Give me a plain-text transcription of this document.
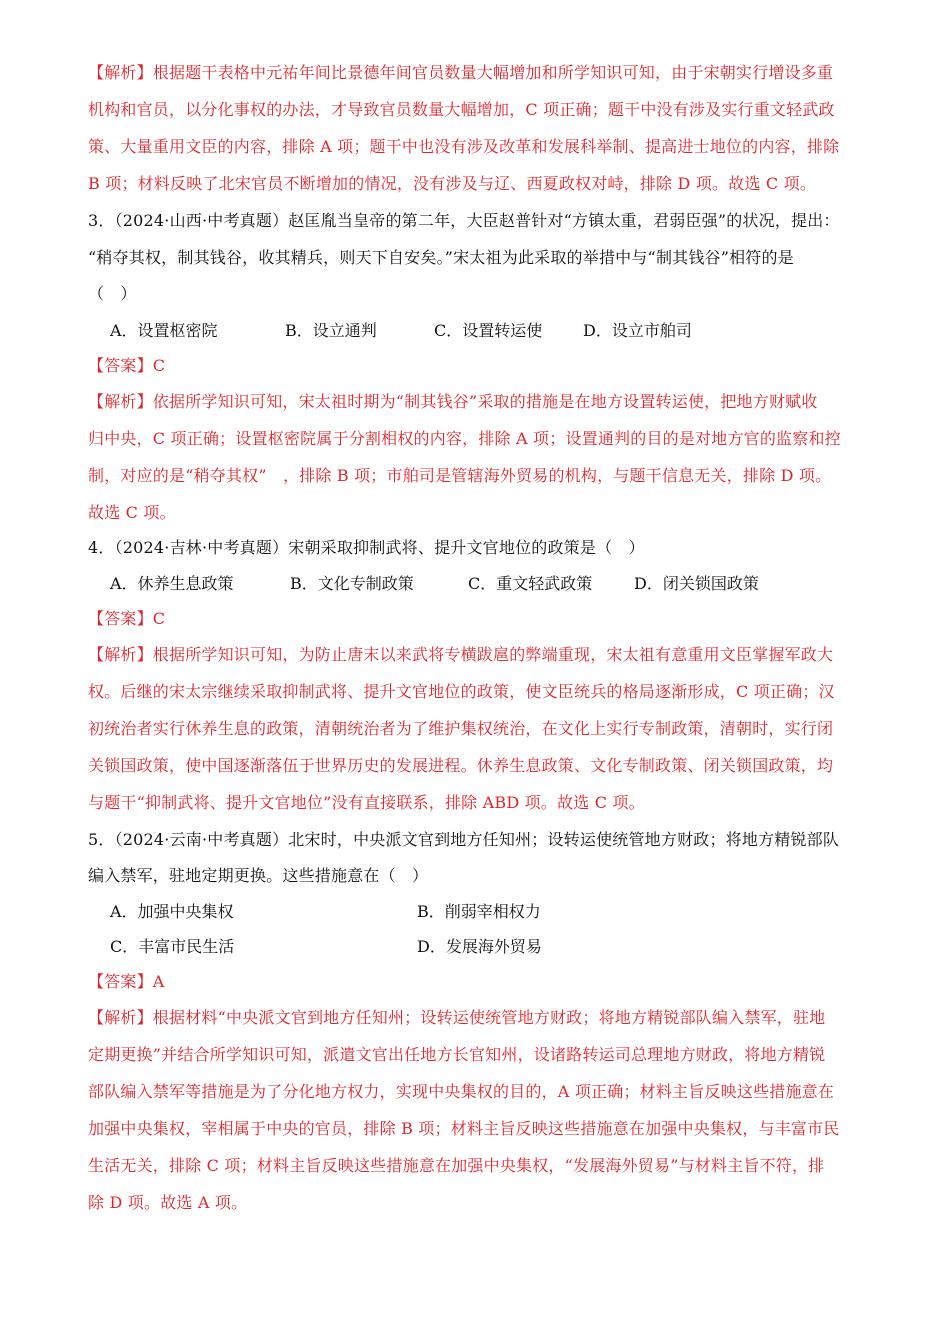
【解析】根据题干表格中元祐年间比景德年间官员数量大幅增加和所学知识可知，由于宋朝实行增设多重
机构和官员，以分化事权的办法，才导致官员数量大幅增加，C 项正确；题干中没有涉及实行重文轻武政
策、大量重用文臣的内容，排除 A 项；题干中也没有涉及改革和发展科举制、提高进士地位的内容，排除
B 项；材料反映了北宋官员不断增加的情况，没有涉及与辽、西夏政权对峙，排除 D 项。故选 C 项。
3．（2024·山西·中考真题）赵匡胤当皇帝的第二年，大臣赵普针对“方镇太重，君弱臣强”的状况，提出：
“稍夺其权，制其钱谷，收其精兵，则天下自安矣。”宋太祖为此采取的举措中与“制其钱谷”相符的是
（　）
A．设置枢密院	B．设立通判	C．设置转运使	D．设立市舶司
【答案】C
【解析】依据所学知识可知，宋太祖时期为“制其钱谷”采取的措施是在地方设置转运使，把地方财赋收
归中央，C 项正确；设置枢密院属于分割相权的内容，排除 A 项；设置通判的目的是对地方官的监察和控
制，对应的是“稍夺其权”　，排除 B 项；市舶司是管辖海外贸易的机构，与题干信息无关，排除 D 项。
故选 C 项。
4．（2024·吉林·中考真题）宋朝采取抑制武将、提升文官地位的政策是（　）
A．休养生息政策	B．文化专制政策	C．重文轻武政策	D．闭关锁国政策
【答案】C
【解析】根据所学知识可知，为防止唐末以来武将专横跋扈的弊端重现，宋太祖有意重用文臣掌握军政大
权。后继的宋太宗继续采取抑制武将、提升文官地位的政策，使文臣统兵的格局逐渐形成，C 项正确；汉
初统治者实行休养生息的政策，清朝统治者为了维护集权统治，在文化上实行专制政策，清朝时，实行闭
关锁国政策，使中国逐渐落伍于世界历史的发展进程。休养生息政策、文化专制政策、闭关锁国政策，均
与题干“抑制武将、提升文官地位”没有直接联系，排除 ABD 项。故选 C 项。
5．（2024·云南·中考真题）北宋时，中央派文官到地方任知州；设转运使统管地方财政；将地方精锐部队
编入禁军，驻地定期更换。这些措施意在（　）
A．加强中央集权	B．削弱宰相权力
C．丰富市民生活	D．发展海外贸易
【答案】A
【解析】根据材料“中央派文官到地方任知州；设转运使统管地方财政；将地方精锐部队编入禁军，驻地
定期更换”并结合所学知识可知，派遣文官出任地方长官知州，设诸路转运司总理地方财政，将地方精锐
部队编入禁军等措施是为了分化地方权力，实现中央集权的目的，A 项正确；材料主旨反映这些措施意在
加强中央集权，宰相属于中央的官员，排除 B 项；材料主旨反映这些措施意在加强中央集权，与丰富市民
生活无关，排除 C 项；材料主旨反映这些措施意在加强中央集权，“发展海外贸易”与材料主旨不符，排
除 D 项。故选 A 项。
